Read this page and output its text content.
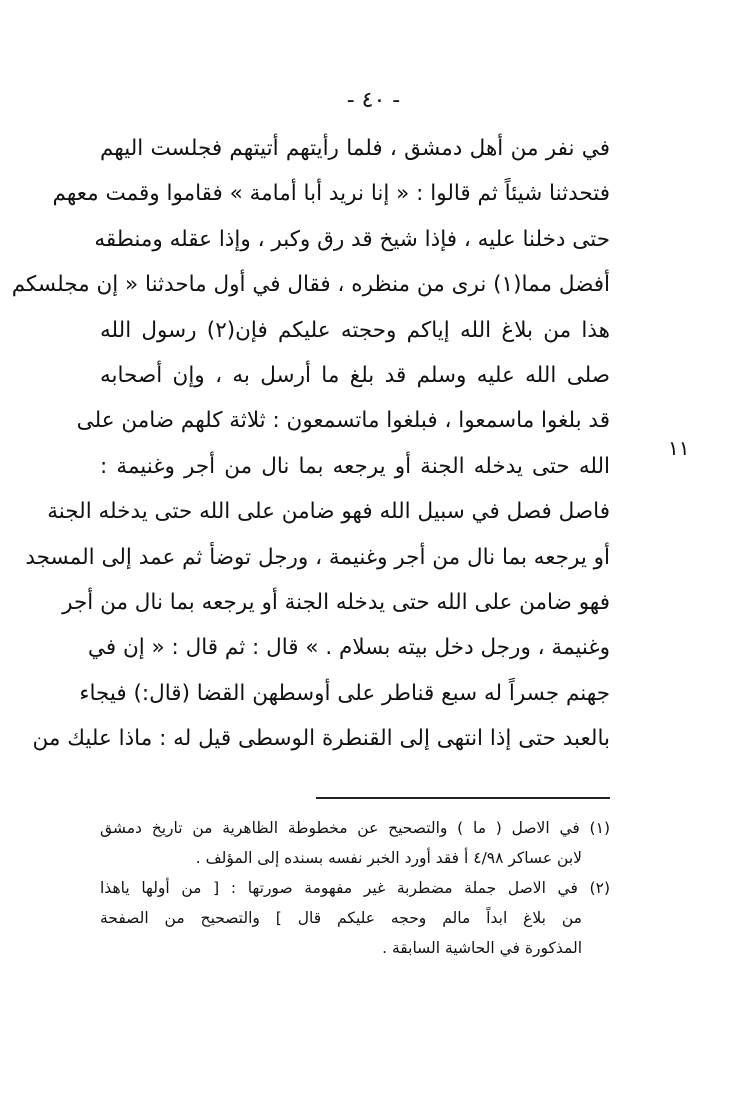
- ٤٠ -
في نفر من أهل دمشق ، فلما رأيتهم أتيتهم فجلست اليهم
فتحدثنا شيئاً ثم قالوا : « إنا نريد أبا أمامة » فقاموا وقمت معهم
حتى دخلنا عليه ، فإذا شيخ قد رق وكبر ، وإذا عقله ومنطقه
أفضل مما(١) نرى من منظره ، فقال في أول ماحدثنا « إن مجلسكم
هذا من بلاغ الله إياكم وحجته عليكم فإن(٢) رسول الله
صلى الله عليه وسلم قد بلغ ما أرسل به ، وإن أصحابه
قد بلغوا ماسمعوا ، فبلغوا ماتسمعون : ثلاثة كلهم ضامن على
الله حتى يدخله الجنة أو يرجعه بما نال من أجر وغنيمة :
فاصل فصل في سبيل الله فهو ضامن على الله حتى يدخله الجنة
أو يرجعه بما نال من أجر وغنيمة ، ورجل توضأ ثم عمد إلى المسجد
فهو ضامن على الله حتى يدخله الجنة أو يرجعه بما نال من أجر
وغنيمة ، ورجل دخل بيته بسلام . » قال : ثم قال : « إن في
جهنم جسراً له سبع قناطر على أوسطهن القضا (قال:) فيجاء
بالعبد حتى إذا انتهى إلى القنطرة الوسطى قيل له : ماذا عليك من
١١
(١) في الاصل ( ما ) والتصحيح عن مخطوطة الظاهرية من تاريخ دمشق
لابن عساكر ٤/٩٨ أ فقد أورد الخبر نفسه بسنده إلى المؤلف .
(٢) في الاصل جملة مضطربة غير مفهومة صورتها : [ من أولها ياهذا
من بلاغ ابداً مالم وحجه عليكم قال ] والتصحيح من الصفحة
المذكورة في الحاشية السابقة .
